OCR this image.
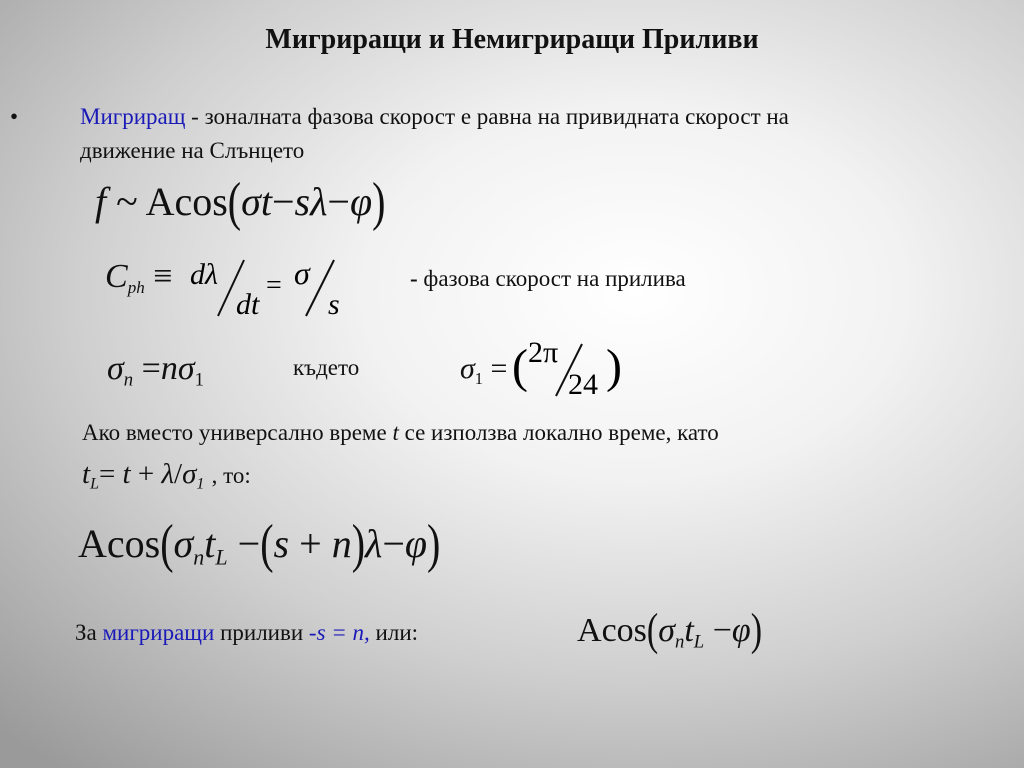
Мигриращи и Немигриращи Приливи
•	Мигриращ - зоналната фазова скорост е равна на привидната скорост на
движение на Слънцето
f ~ Acos(σt−sλ−φ)
$C_{ph} \equiv d\lambda$
dt
= σ
s
- фазова скорост на прилива
$\sigma_n =n\sigma_1$
където	$\sigma_1$ = ( 2π
24 )
Ако вместо универсално време t се използва локално време, като
$t_L= t + \lambda/\sigma_1$ , то:
$Acos(\sigma_nt_L -(s + n)\lambda-\varphi)$
За мигриращи приливи -s = n, или:	$Acos(\sigma_nt_L -\varphi)$
